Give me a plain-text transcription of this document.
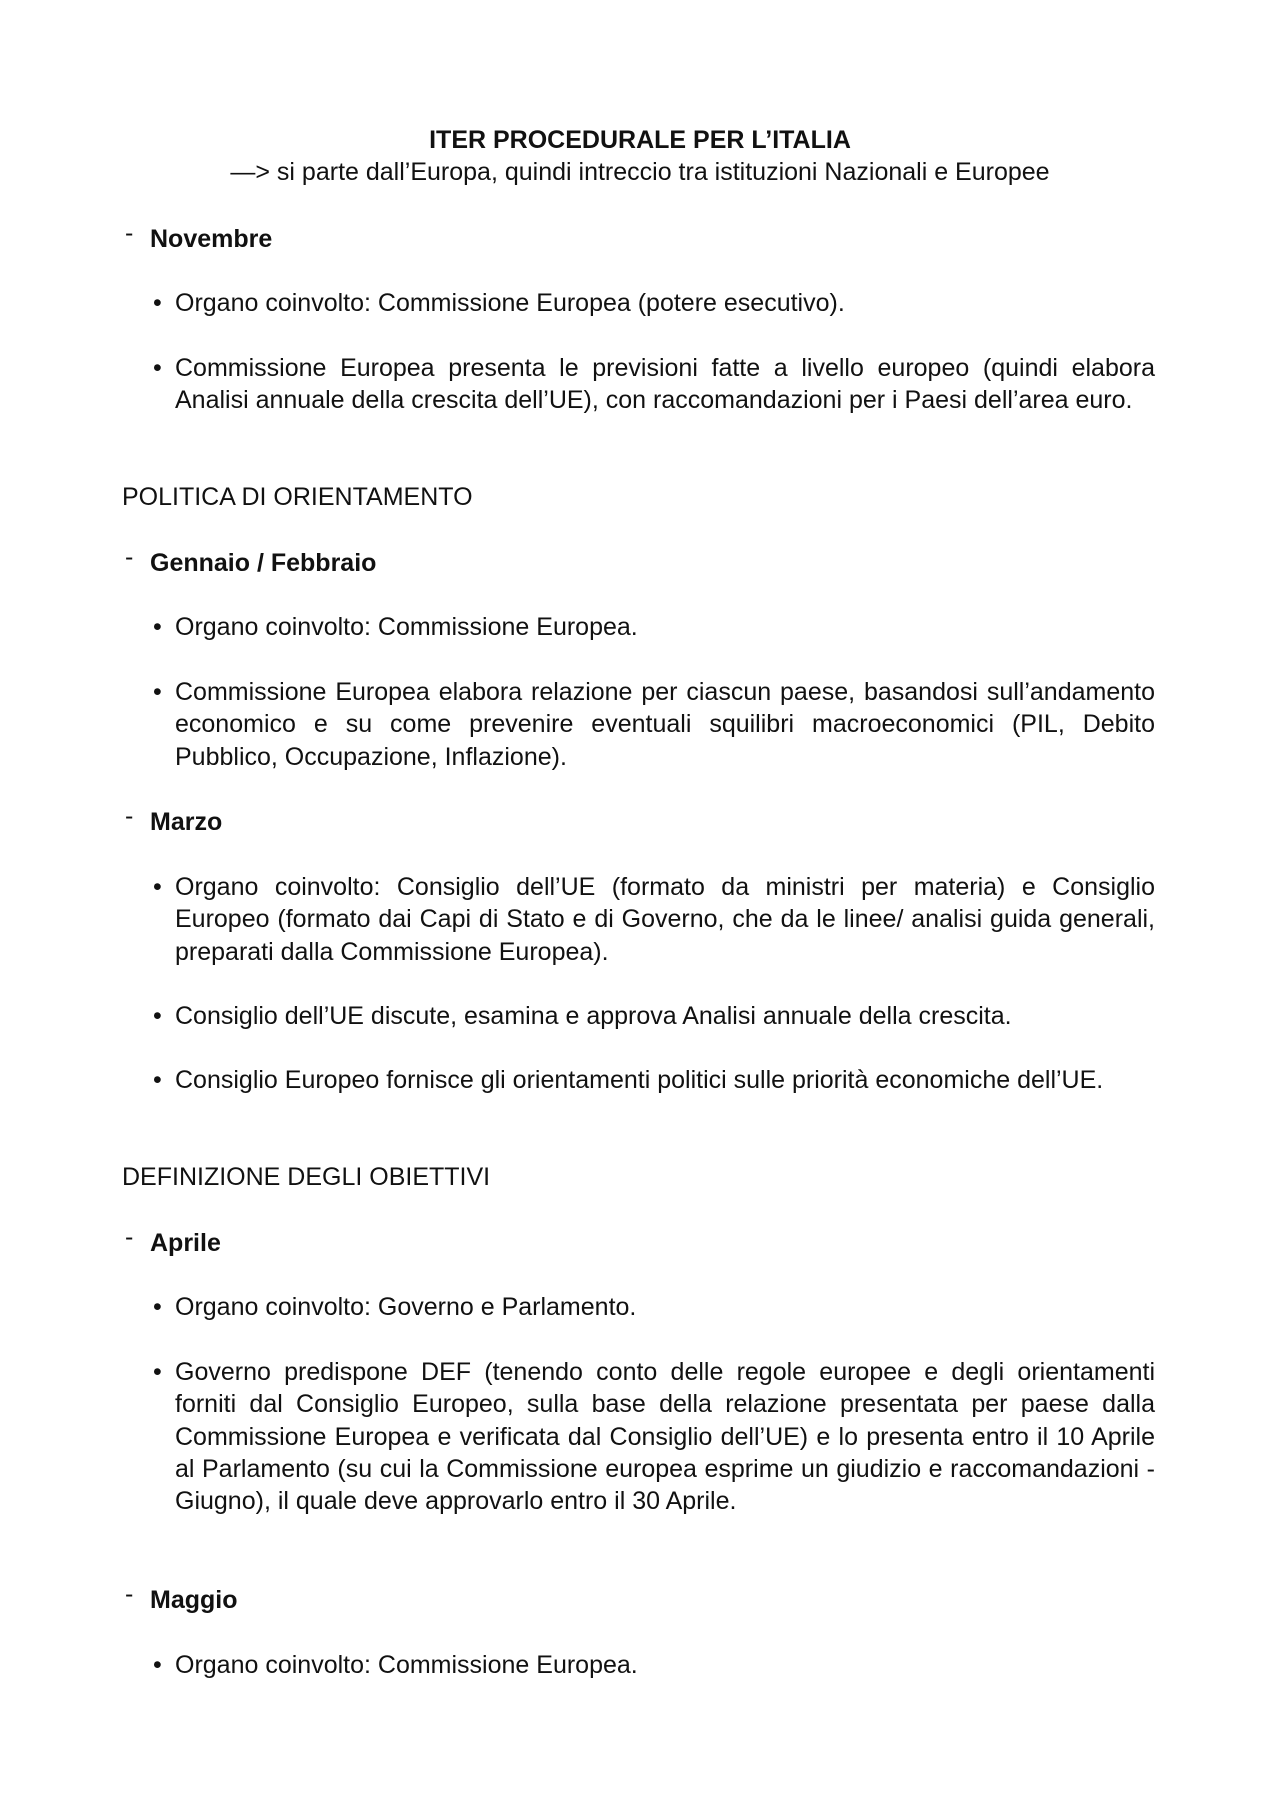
ITER PROCEDURALE PER L’ITALIA
—> si parte dall’Europa, quindi intreccio tra istituzioni Nazionali e Europee
- Novembre
• Organo coinvolto: Commissione Europea (potere esecutivo).
• Commissione Europea presenta le previsioni fatte a livello europeo (quindi elabora Analisi annuale della crescita dell’UE), con raccomandazioni per i Paesi dell’area euro.
POLITICA DI ORIENTAMENTO
- Gennaio / Febbraio
• Organo coinvolto: Commissione Europea.
• Commissione Europea elabora relazione per ciascun paese, basandosi sull’andamento economico e su come prevenire eventuali squilibri macroeconomici (PIL, Debito Pubblico, Occupazione, Inflazione).
- Marzo
• Organo coinvolto: Consiglio dell’UE (formato da ministri per materia) e Consiglio Europeo (formato dai Capi di Stato e di Governo, che da le linee/ analisi guida generali, preparati dalla Commissione Europea).
• Consiglio dell’UE discute, esamina e approva Analisi annuale della crescita.
• Consiglio Europeo fornisce gli orientamenti politici sulle priorità economiche dell’UE.
DEFINIZIONE DEGLI OBIETTIVI
- Aprile
• Organo coinvolto: Governo e Parlamento.
• Governo predispone DEF (tenendo conto delle regole europee e degli orientamenti forniti dal Consiglio Europeo, sulla base della relazione presentata per paese dalla Commissione Europea e verificata dal Consiglio dell’UE) e lo presenta entro il 10 Aprile al Parlamento (su cui la Commissione europea esprime un giudizio e raccomandazioni - Giugno), il quale deve approvarlo entro il 30 Aprile.
- Maggio
• Organo coinvolto: Commissione Europea.
